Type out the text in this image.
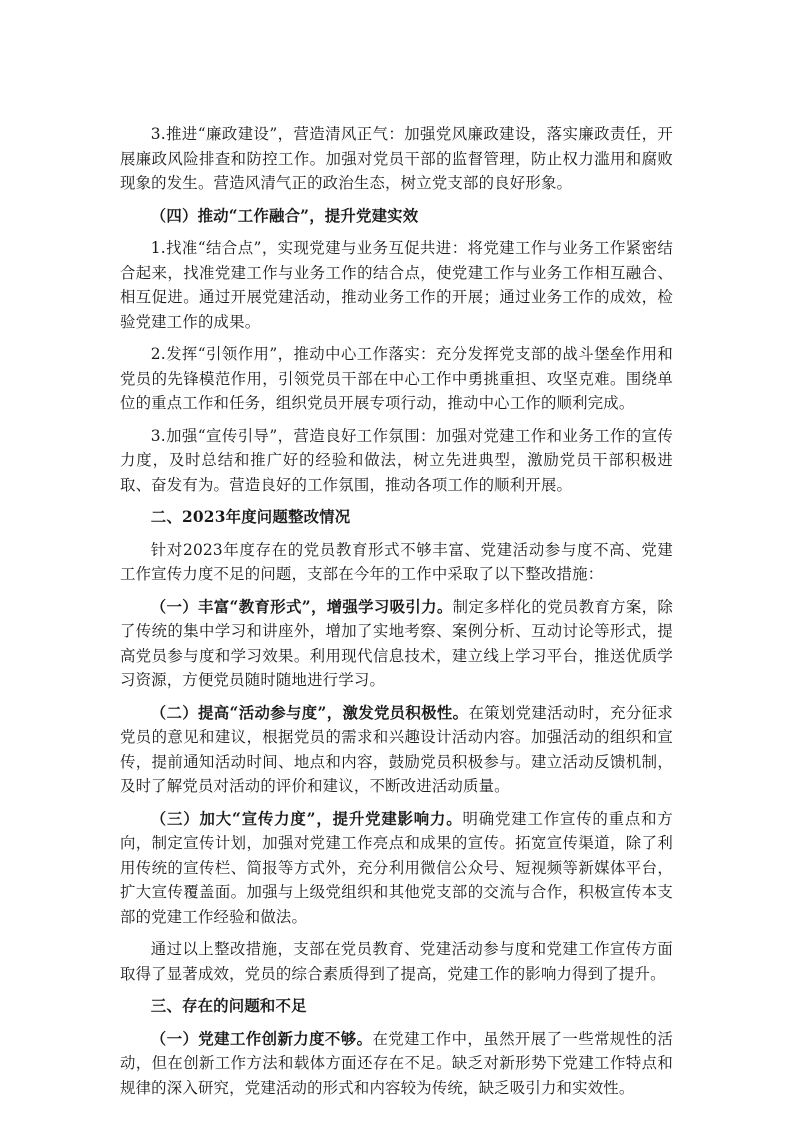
3.推进“廉政建设”，营造清风正气：加强党风廉政建设，落实廉政责任，开展廉政风险排查和防控工作。加强对党员干部的监督管理，防止权力滥用和腐败现象的发生。营造风清气正的政治生态，树立党支部的良好形象。

（四）推动“工作融合”，提升党建实效

1.找准“结合点”，实现党建与业务互促共进：将党建工作与业务工作紧密结合起来，找准党建工作与业务工作的结合点，使党建工作与业务工作相互融合、相互促进。通过开展党建活动，推动业务工作的开展；通过业务工作的成效，检验党建工作的成果。

2.发挥“引领作用”，推动中心工作落实：充分发挥党支部的战斗堡垒作用和党员的先锋模范作用，引领党员干部在中心工作中勇挑重担、攻坚克难。围绕单位的重点工作和任务，组织党员开展专项行动，推动中心工作的顺利完成。

3.加强“宣传引导”，营造良好工作氛围：加强对党建工作和业务工作的宣传力度，及时总结和推广好的经验和做法，树立先进典型，激励党员干部积极进取、奋发有为。营造良好的工作氛围，推动各项工作的顺利开展。

二、2023年度问题整改情况

针对2023年度存在的党员教育形式不够丰富、党建活动参与度不高、党建工作宣传力度不足的问题，支部在今年的工作中采取了以下整改措施：

（一）丰富“教育形式”，增强学习吸引力。制定多样化的党员教育方案，除了传统的集中学习和讲座外，增加了实地考察、案例分析、互动讨论等形式，提高党员参与度和学习效果。利用现代信息技术，建立线上学习平台，推送优质学习资源，方便党员随时随地进行学习。

（二）提高“活动参与度”，激发党员积极性。在策划党建活动时，充分征求党员的意见和建议，根据党员的需求和兴趣设计活动内容。加强活动的组织和宣传，提前通知活动时间、地点和内容，鼓励党员积极参与。建立活动反馈机制，及时了解党员对活动的评价和建议，不断改进活动质量。

（三）加大“宣传力度”，提升党建影响力。明确党建工作宣传的重点和方向，制定宣传计划，加强对党建工作亮点和成果的宣传。拓宽宣传渠道，除了利用传统的宣传栏、简报等方式外，充分利用微信公众号、短视频等新媒体平台，扩大宣传覆盖面。加强与上级党组织和其他党支部的交流与合作，积极宣传本支部的党建工作经验和做法。

通过以上整改措施，支部在党员教育、党建活动参与度和党建工作宣传方面取得了显著成效，党员的综合素质得到了提高，党建工作的影响力得到了提升。

三、存在的问题和不足

（一）党建工作创新力度不够。在党建工作中，虽然开展了一些常规性的活动，但在创新工作方法和载体方面还存在不足。缺乏对新形势下党建工作特点和规律的深入研究，党建活动的形式和内容较为传统，缺乏吸引力和实效性。
